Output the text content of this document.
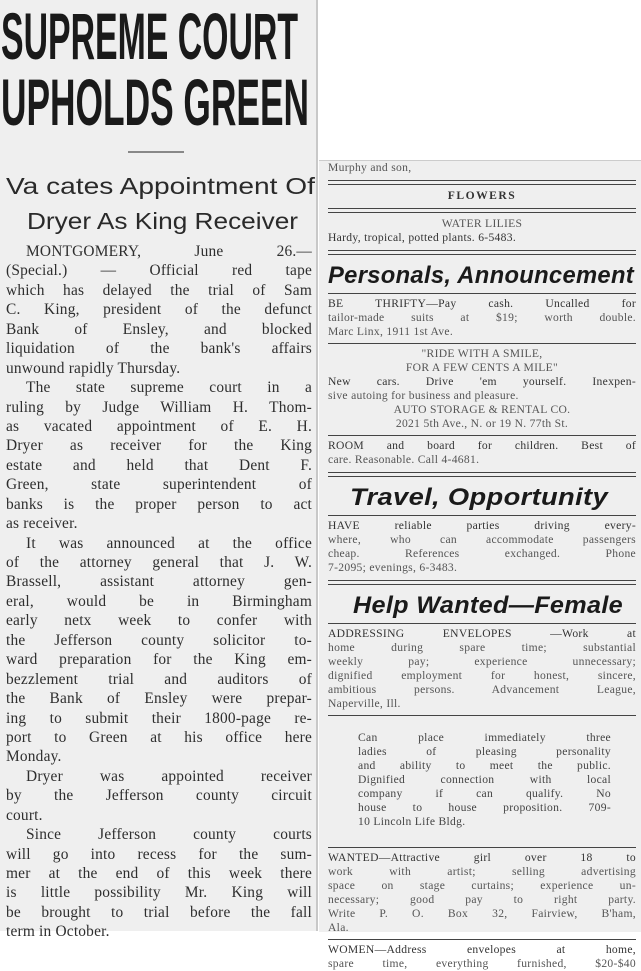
SUPREME COURT
UPHOLDS GREEN
Va cates Appointment Of
Dryer As King Receiver
MONTGOMERY, June 26.—
(Special.) — Official red tape
which has delayed the trial of Sam
C. King, president of the defunct
Bank of Ensley, and blocked
liquidation of the bank's affairs
unwound rapidly Thursday.
The state supreme court in a
ruling by Judge William H. Thom-
as vacated appointment of E. H.
Dryer as receiver for the King
estate and held that Dent F.
Green, state superintendent of
banks is the proper person to act
as receiver.
It was announced at the office
of the attorney general that J. W.
Brassell, assistant attorney gen-
eral, would be in Birmingham
early netx week to confer with
the Jefferson county solicitor to-
ward preparation for the King em-
bezzlement trial and auditors of
the Bank of Ensley were prepar-
ing to submit their 1800-page re-
port to Green at his office here
Monday.
Dryer was appointed receiver
by the Jefferson county circuit
court.
Since Jefferson county courts
will go into recess for the sum-
mer at the end of this week there
is little possibility Mr. King will
be brought to trial before the fall
term in October.
Murphy and son,
FLOWERS
WATER LILIES
Hardy, tropical, potted plants. 6-5483.
Personals, Announcement
BE THRIFTY—Pay cash. Uncalled for
tailor-made suits at $19; worth double.
Marc Linx, 1911 1st Ave.
"RIDE WITH A SMILE,
FOR A FEW CENTS A MILE"
New cars. Drive 'em yourself. Inexpen-
sive autoing for business and pleasure.
AUTO STORAGE & RENTAL CO.
2021 5th Ave., N. or 19 N. 77th St.
ROOM and board for children. Best of
care. Reasonable. Call 4-4681.
Travel, Opportunity
HAVE reliable parties driving every-
where, who can accommodate passengers
cheap. References exchanged. Phone
7-2095; evenings, 6-3483.
Help Wanted—Female
ADDRESSING ENVELOPES —Work at
home during spare time; substantial
weekly pay; experience unnecessary;
dignified employment for honest, sincere,
ambitious persons. Advancement League,
Naperville, Ill.
Can place immediately three
ladies of pleasing personality
and ability to meet the public.
Dignified connection with local
company if can qualify. No
house to house proposition. 709-
10 Lincoln Life Bldg.
WANTED—Attractive girl over 18 to
work with artist; selling advertising
space on stage curtains; experience un-
necessary; good pay to right party.
Write P. O. Box 32, Fairview, B'ham,
Ala.
WOMEN—Address envelopes at home,
spare time, everything furnished, $20-$40
